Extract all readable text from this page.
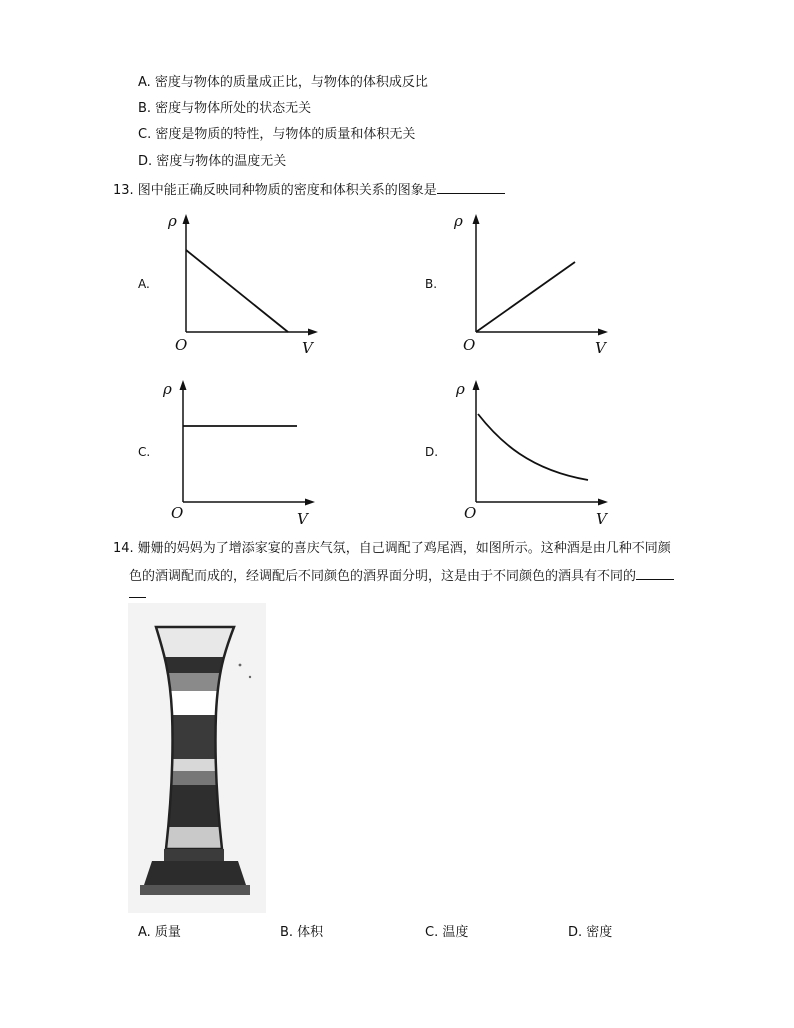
A. 密度与物体的质量成正比，与物体的体积成反比
B. 密度与物体所处的状态无关
C. 密度是物质的特性，与物体的质量和体积无关
D. 密度与物体的温度无关
13. 图中能正确反映同种物质的密度和体积关系的图象是
A.
ρ
O	V
B.
ρ
O	V
C.
ρ
O	V
D.
ρ
O	V
14. 姗姗的妈妈为了增添家宴的喜庆气氛，自己调配了鸡尾酒，如图所示。这种酒是由几种不同颜
色的酒调配而成的，经调配后不同颜色的酒界面分明，这是由于不同颜色的酒具有不同的
A. 质量	B. 体积	C. 温度	D. 密度
